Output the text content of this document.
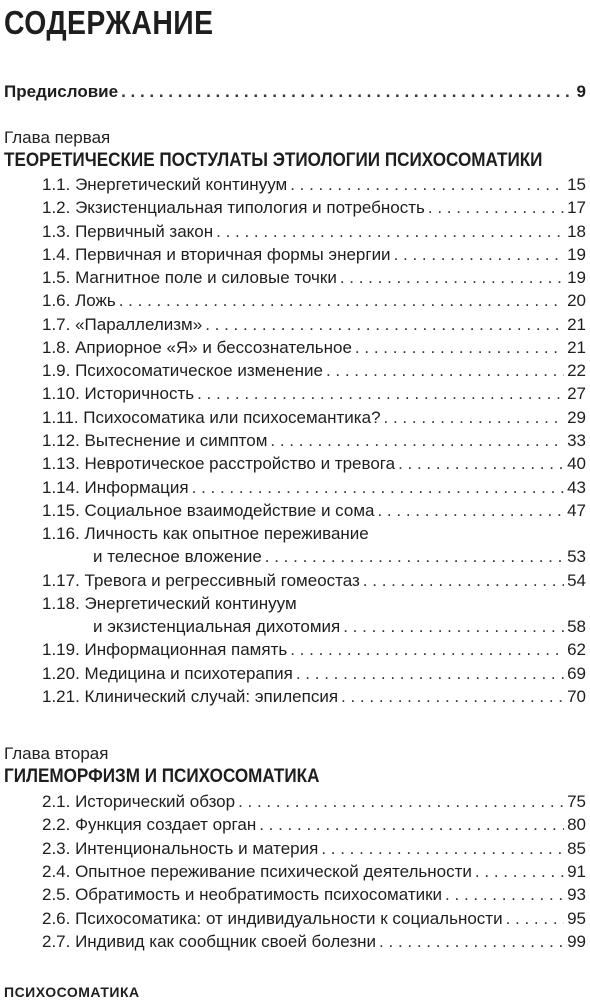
СОДЕРЖАНИЕ
Предисловие . . .	9
Глава первая
ТЕОРЕТИЧЕСКИЕ ПОСТУЛАТЫ ЭТИОЛОГИИ ПСИХОСОМАТИКИ
1.1. Энергетический континуум . . .	15
1.2. Экзистенциальная типология и потребность . . .	17
1.3. Первичный закон . . .	18
1.4. Первичная и вторичная формы энергии . . .	19
1.5. Магнитное поле и силовые точки . . .	19
1.6. Ложь . . .	20
1.7. «Параллелизм» . . .	21
1.8. Априорное «Я» и бессознательное . . .	21
1.9. Психосоматическое изменение . . .	22
1.10. Историчность . . .	27
1.11. Психосоматика или психосемантика? . . .	29
1.12. Вытеснение и симптом . . .	33
1.13. Невротическое расстройство и тревога . . .	40
1.14. Информация . . .	43
1.15. Социальное взаимодействие и сома . . .	47
1.16. Личность как опытное переживание
и телесное вложение . . .	53
1.17. Тревога и регрессивный гомеостаз . . .	54
1.18. Энергетический континуум
и экзистенциальная дихотомия . . .	58
1.19. Информационная память . . .	62
1.20. Медицина и психотерапия . . .	69
1.21. Клинический случай: эпилепсия . . .	70
Глава вторая
ГИЛЕМОРФИЗМ И ПСИХОСОМАТИКА
2.1. Исторический обзор . . .	75
2.2. Функция создает орган . . .	80
2.3. Интенциональность и материя . . .	85
2.4. Опытное переживание психической деятельности . . .	91
2.5. Обратимость и необратимость психосоматики . . .	93
2.6. Психосоматика: от индивидуальности к социальности . . .	95
2.7. Индивид как сообщник своей болезни . . .	99
ПСИХОСОМАТИКА
